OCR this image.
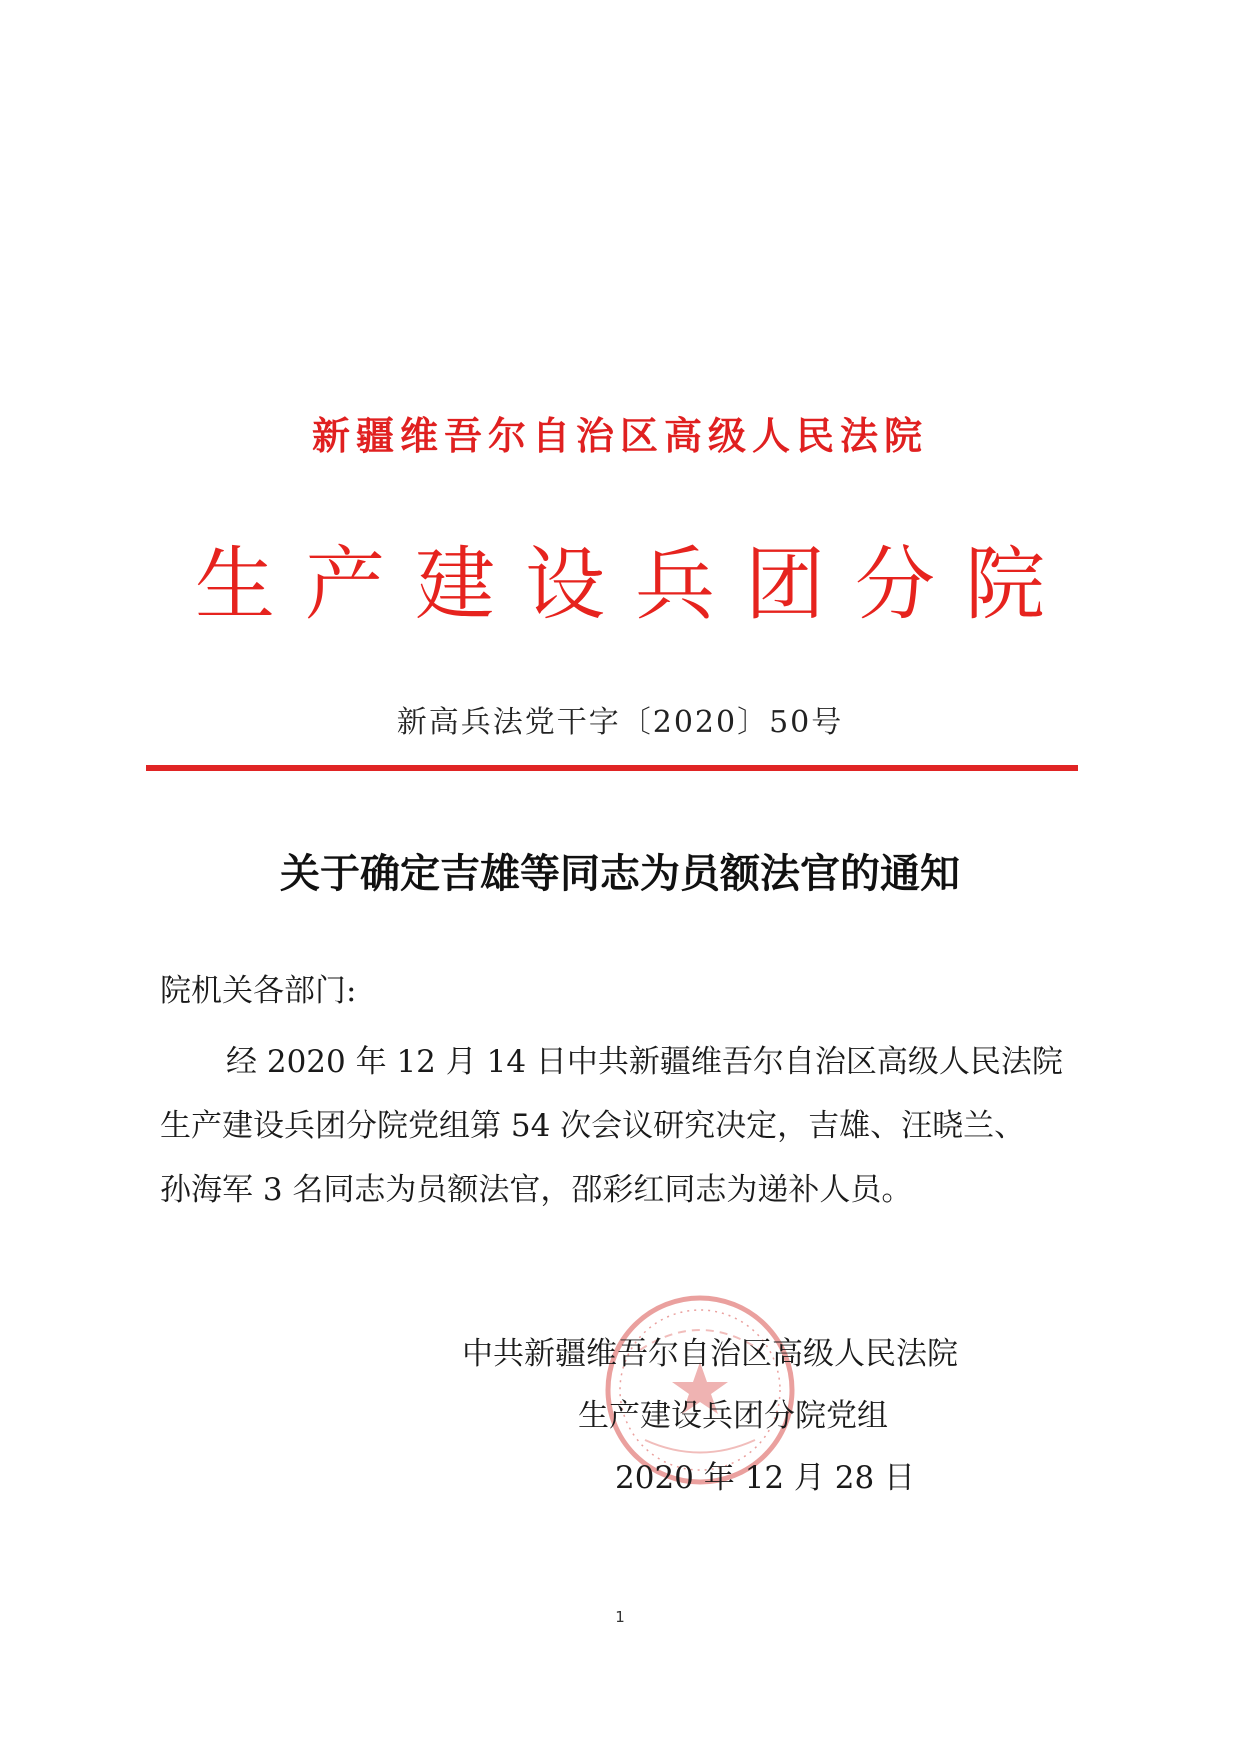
新疆维吾尔自治区高级人民法院
生产建设兵团分院
新高兵法党干字〔2020〕50号
关于确定吉雄等同志为员额法官的通知
院机关各部门:
经 2020 年 12 月 14 日中共新疆维吾尔自治区高级人民法院
生产建设兵团分院党组第 54 次会议研究决定，吉雄、汪晓兰、
孙海军 3 名同志为员额法官，邵彩红同志为递补人员。
中共新疆维吾尔自治区高级人民法院
生产建设兵团分院党组
2020 年 12 月 28 日
1
